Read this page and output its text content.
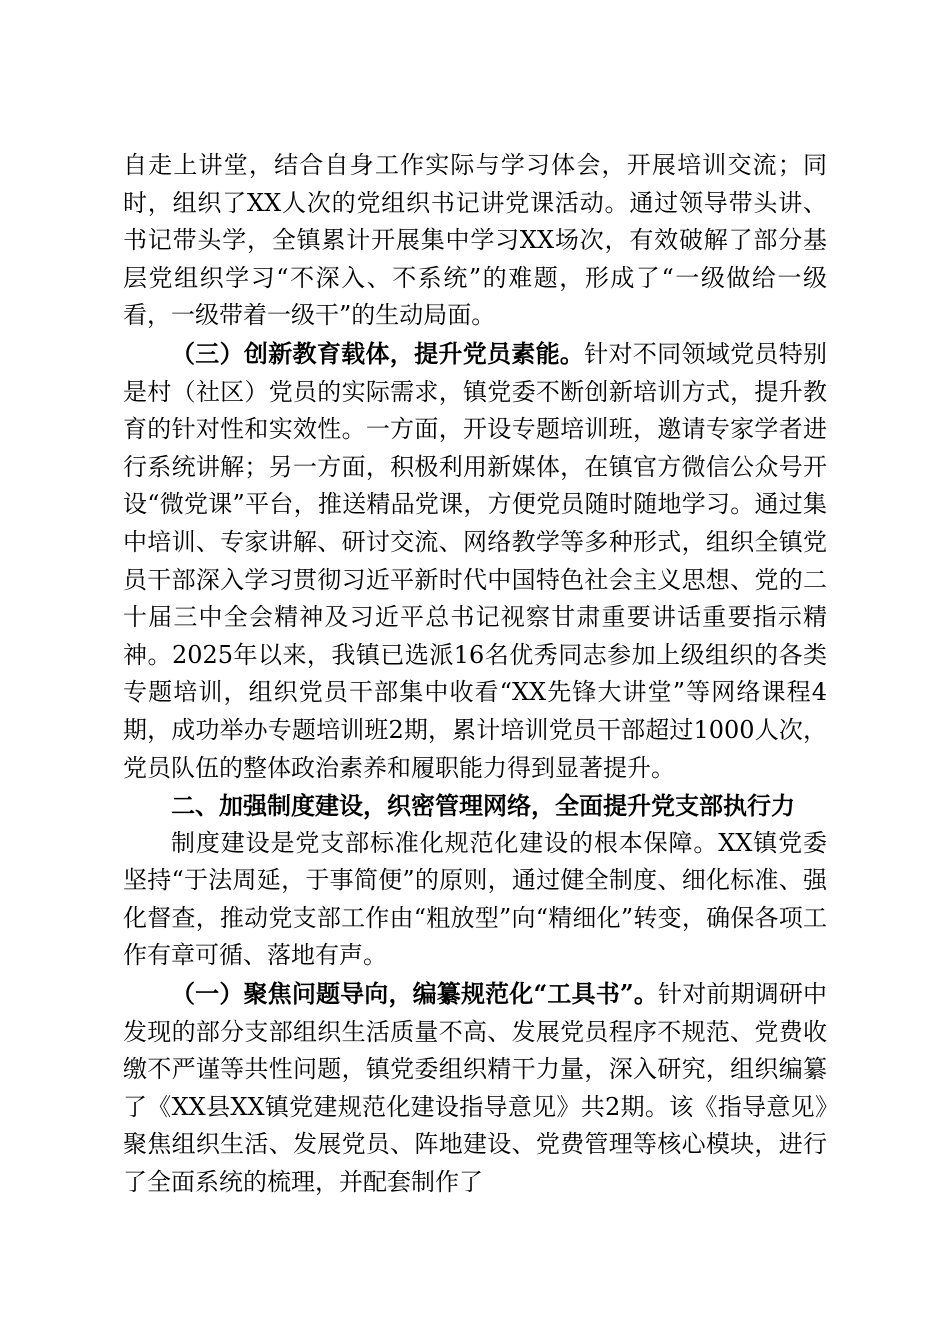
自走上讲堂，结合自身工作实际与学习体会，开展培训交流；同时，组织了XX人次的党组织书记讲党课活动。通过领导带头讲、书记带头学，全镇累计开展集中学习XX场次，有效破解了部分基层党组织学习“不深入、不系统”的难题，形成了“一级做给一级看，一级带着一级干”的生动局面。

（三）创新教育载体，提升党员素能。针对不同领域党员特别是村（社区）党员的实际需求，镇党委不断创新培训方式，提升教育的针对性和实效性。一方面，开设专题培训班，邀请专家学者进行系统讲解；另一方面，积极利用新媒体，在镇官方微信公众号开设“微党课”平台，推送精品党课，方便党员随时随地学习。通过集中培训、专家讲解、研讨交流、网络教学等多种形式，组织全镇党员干部深入学习贯彻习近平新时代中国特色社会主义思想、党的二十届三中全会精神及习近平总书记视察甘肃重要讲话重要指示精神。2025年以来，我镇已选派16名优秀同志参加上级组织的各类专题培训，组织党员干部集中收看“XX先锋大讲堂”等网络课程4期，成功举办专题培训班2期，累计培训党员干部超过1000人次，党员队伍的整体政治素养和履职能力得到显著提升。

二、加强制度建设，织密管理网络，全面提升党支部执行力

制度建设是党支部标准化规范化建设的根本保障。XX镇党委坚持“于法周延，于事简便”的原则，通过健全制度、细化标准、强化督查，推动党支部工作由“粗放型”向“精细化”转变，确保各项工作有章可循、落地有声。

（一）聚焦问题导向，编纂规范化“工具书”。针对前期调研中发现的部分支部组织生活质量不高、发展党员程序不规范、党费收缴不严谨等共性问题，镇党委组织精干力量，深入研究，组织编纂了《XX县XX镇党建规范化建设指导意见》共2期。该《指导意见》聚焦组织生活、发展党员、阵地建设、党费管理等核心模块，进行了全面系统的梳理，并配套制作了
